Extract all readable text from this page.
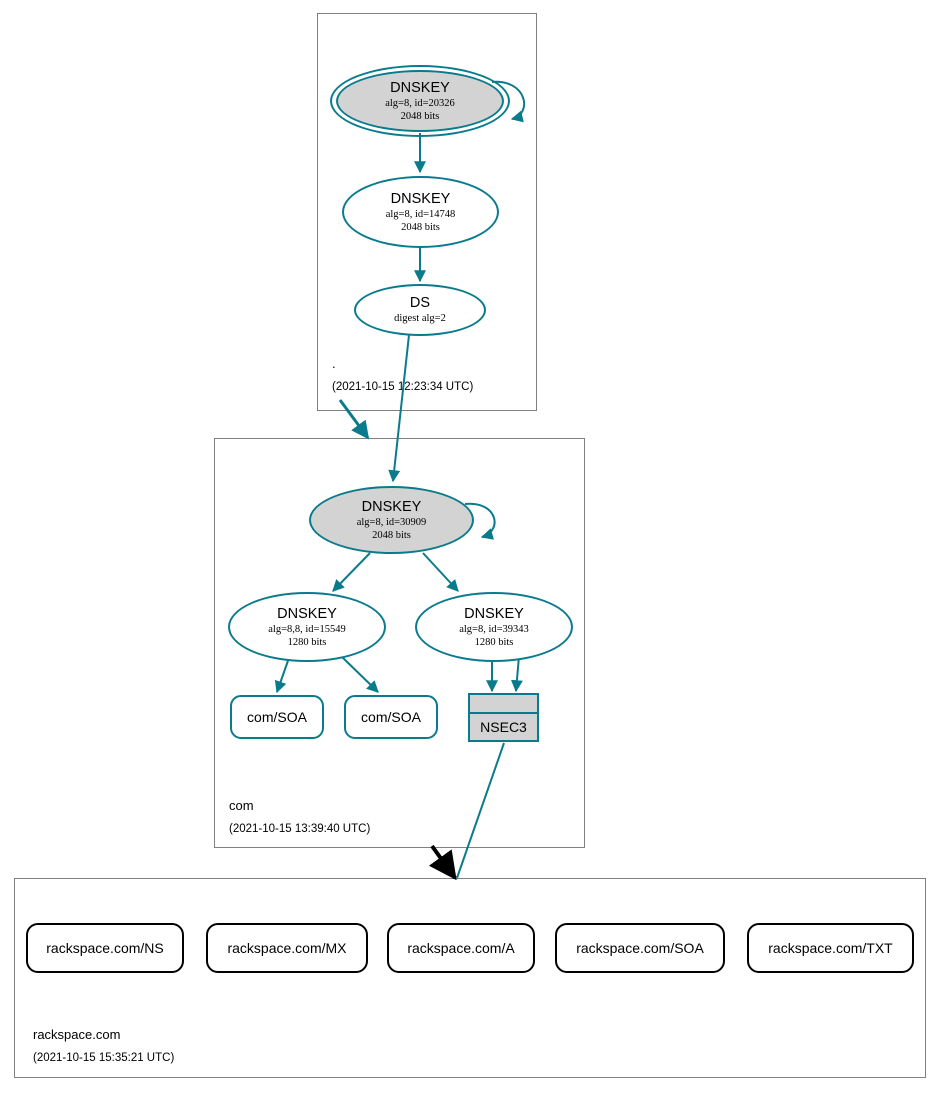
.
(2021-10-15 12:23:34 UTC)
com
(2021-10-15 13:39:40 UTC)
rackspace.com
(2021-10-15 15:35:21 UTC)
DNSKEY
alg=8, id=20326
2048 bits
DNSKEY
alg=8, id=14748
2048 bits
DS
digest alg=2
DNSKEY
alg=8, id=30909
2048 bits
DNSKEY
alg=8,8, id=15549
1280 bits
DNSKEY
alg=8, id=39343
1280 bits
com/SOA	com/SOA
NSEC3
rackspace.com/NS	rackspace.com/MX	rackspace.com/A	rackspace.com/SOA	rackspace.com/TXT
